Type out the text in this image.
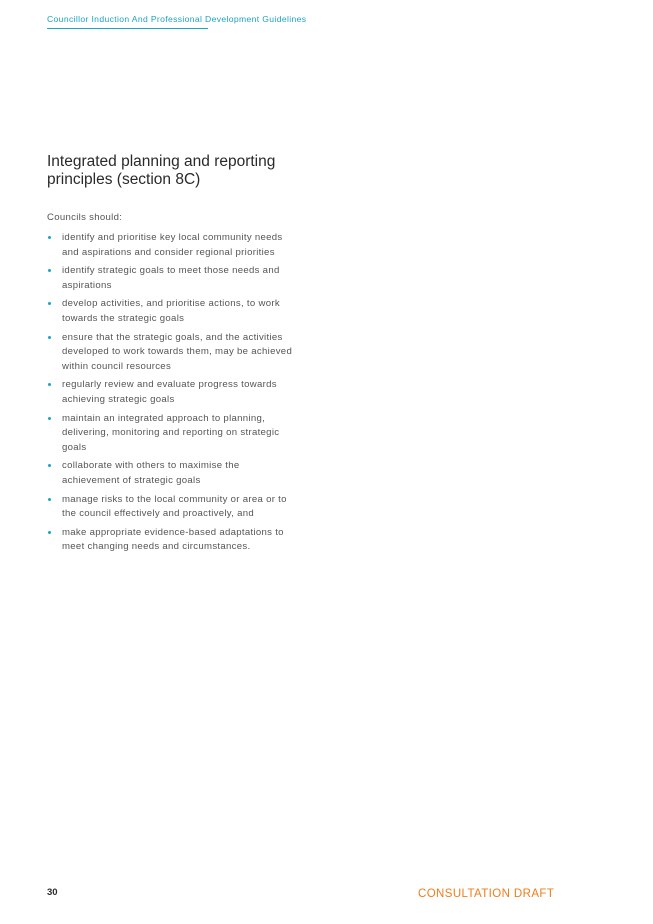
Councillor Induction And Professional Development Guidelines
Integrated planning and reporting principles (section 8C)

Councils should:

identify and prioritise key local community needs and aspirations and consider regional priorities
identify strategic goals to meet those needs and aspirations
develop activities, and prioritise actions, to work towards the strategic goals
ensure that the strategic goals, and the activities developed to work towards them, may be achieved within council resources
regularly review and evaluate progress towards achieving strategic goals
maintain an integrated approach to planning, delivering, monitoring and reporting on strategic goals
collaborate with others to maximise the achievement of strategic goals
manage risks to the local community or area or to the council effectively and proactively, and
make appropriate evidence-based adaptations to meet changing needs and circumstances.
30	CONSULTATION DRAFT
